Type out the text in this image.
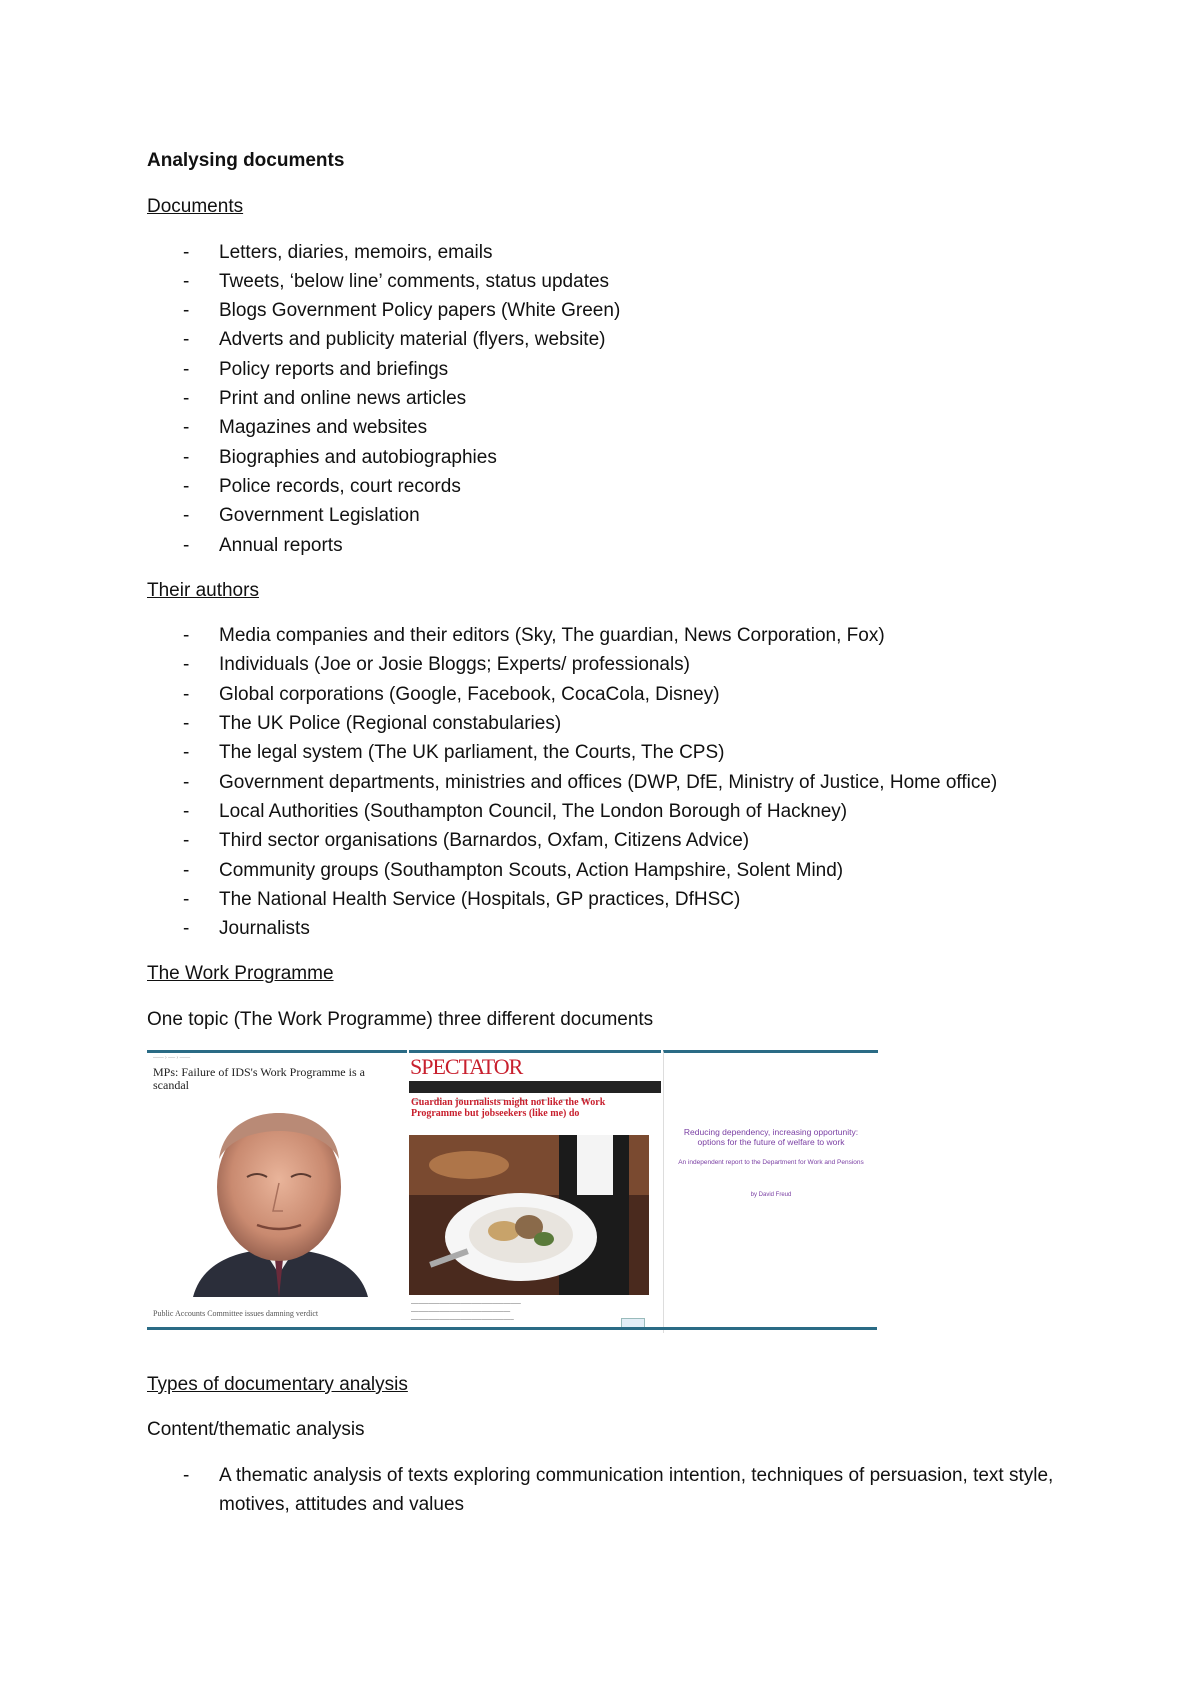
Analysing documents
Documents
- Letters, diaries, memoirs, emails
- Tweets, ‘below line’ comments, status updates
- Blogs Government Policy papers (White Green)
- Adverts and publicity material (flyers, website)
- Policy reports and briefings
- Print and online news articles
- Magazines and websites
- Biographies and autobiographies
- Police records, court records
- Government Legislation
- Annual reports
Their authors
- Media companies and their editors (Sky, The guardian, News Corporation, Fox)
- Individuals (Joe or Josie Bloggs; Experts/ professionals)
- Global corporations (Google, Facebook, CocaCola, Disney)
- The UK Police (Regional constabularies)
- The legal system (The UK parliament, the Courts, The CPS)
- Government departments, ministries and offices (DWP, DfE, Ministry of Justice, Home office)
- Local Authorities (Southampton Council, The London Borough of Hackney)
- Third sector organisations (Barnardos, Oxfam, Citizens Advice)
- Community groups (Southampton Scouts, Action Hampshire, Solent Mind)
- The National Health Service (Hospitals, GP practices, DfHSC)
- Journalists
The Work Programme
One topic (The Work Programme) three different documents
─── › ── › ───
MPs: Failure of IDS's Work Programme is a scandal
Public Accounts Committee issues damning verdict
SPECTATOR
Guardian journalists might not like the Work Programme but jobseekers (like me) do
───────────────────────────────
────────────────────────────
─────────────────────────────
Reducing dependency, increasing opportunity: options for the future of welfare to work
An independent report to the Department for Work and Pensions
by David Freud
Types of documentary analysis
Content/thematic analysis
- A thematic analysis of texts exploring communication intention, techniques of persuasion, text style, motives, attitudes and values
